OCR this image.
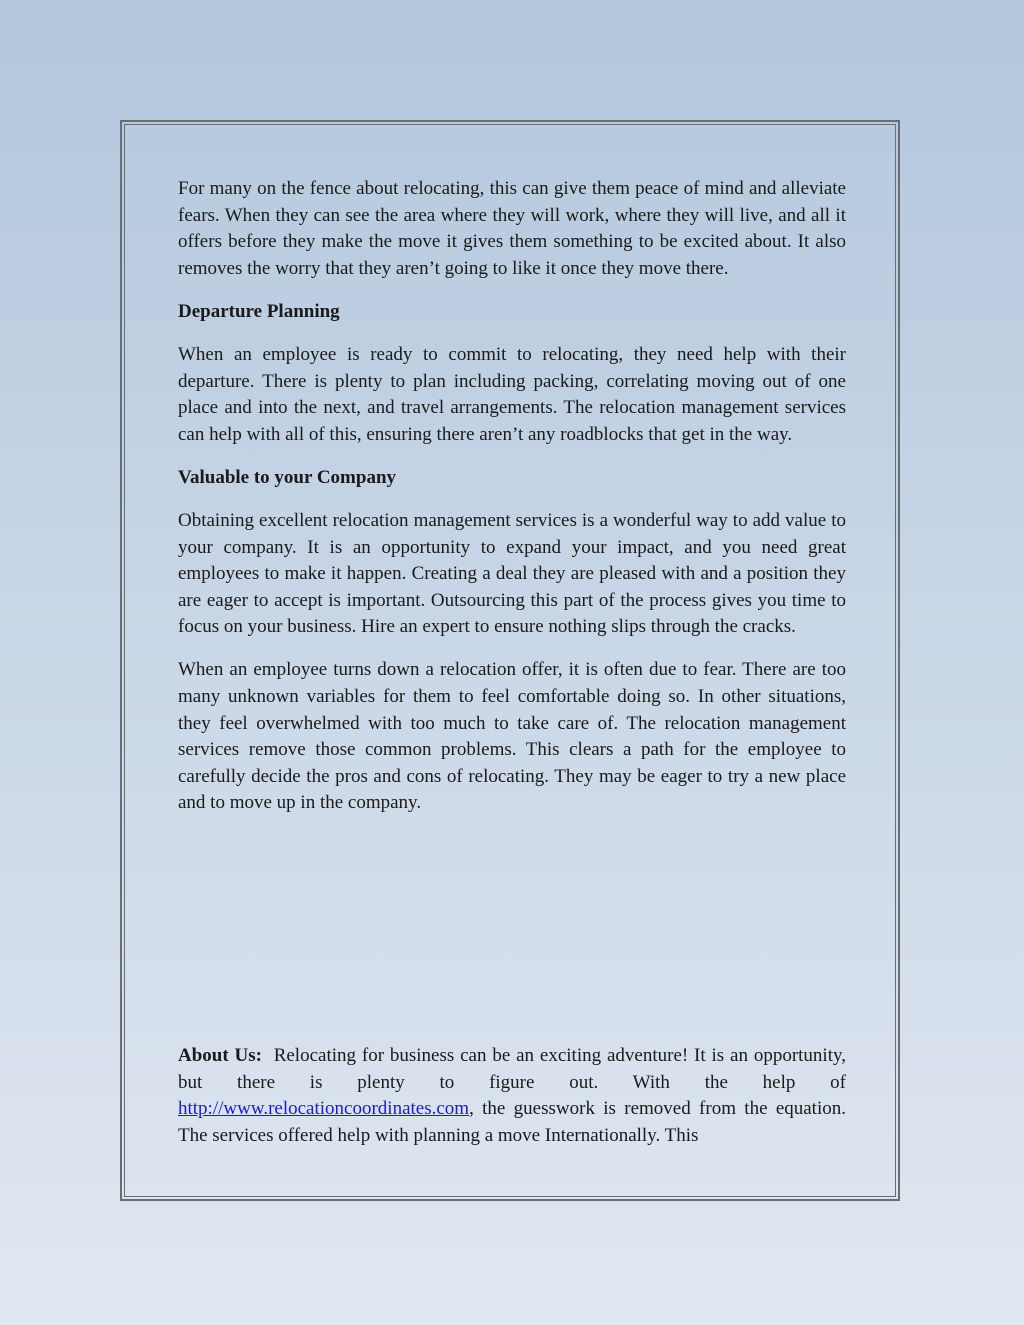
For many on the fence about relocating, this can give them peace of mind and alleviate fears. When they can see the area where they will work, where they will live, and all it offers before they make the move it gives them something to be excited about. It also removes the worry that they aren’t going to like it once they move there.

Departure Planning

When an employee is ready to commit to relocating, they need help with their departure. There is plenty to plan including packing, correlating moving out of one place and into the next, and travel arrangements. The relocation management services can help with all of this, ensuring there aren’t any roadblocks that get in the way.

Valuable to your Company

Obtaining excellent relocation management services is a wonderful way to add value to your company. It is an opportunity to expand your impact, and you need great employees to make it happen. Creating a deal they are pleased with and a position they are eager to accept is important. Outsourcing this part of the process gives you time to focus on your business. Hire an expert to ensure nothing slips through the cracks.

When an employee turns down a relocation offer, it is often due to fear. There are too many unknown variables for them to feel comfortable doing so. In other situations, they feel overwhelmed with too much to take care of. The relocation management services remove those common problems. This clears a path for the employee to carefully decide the pros and cons of relocating. They may be eager to try a new place and to move up in the company.

About Us: Relocating for business can be an exciting adventure! It is an opportunity, but there is plenty to figure out. With the help of http://www.relocationcoordinates.com, the guesswork is removed from the equation. The services offered help with planning a move Internationally. This
